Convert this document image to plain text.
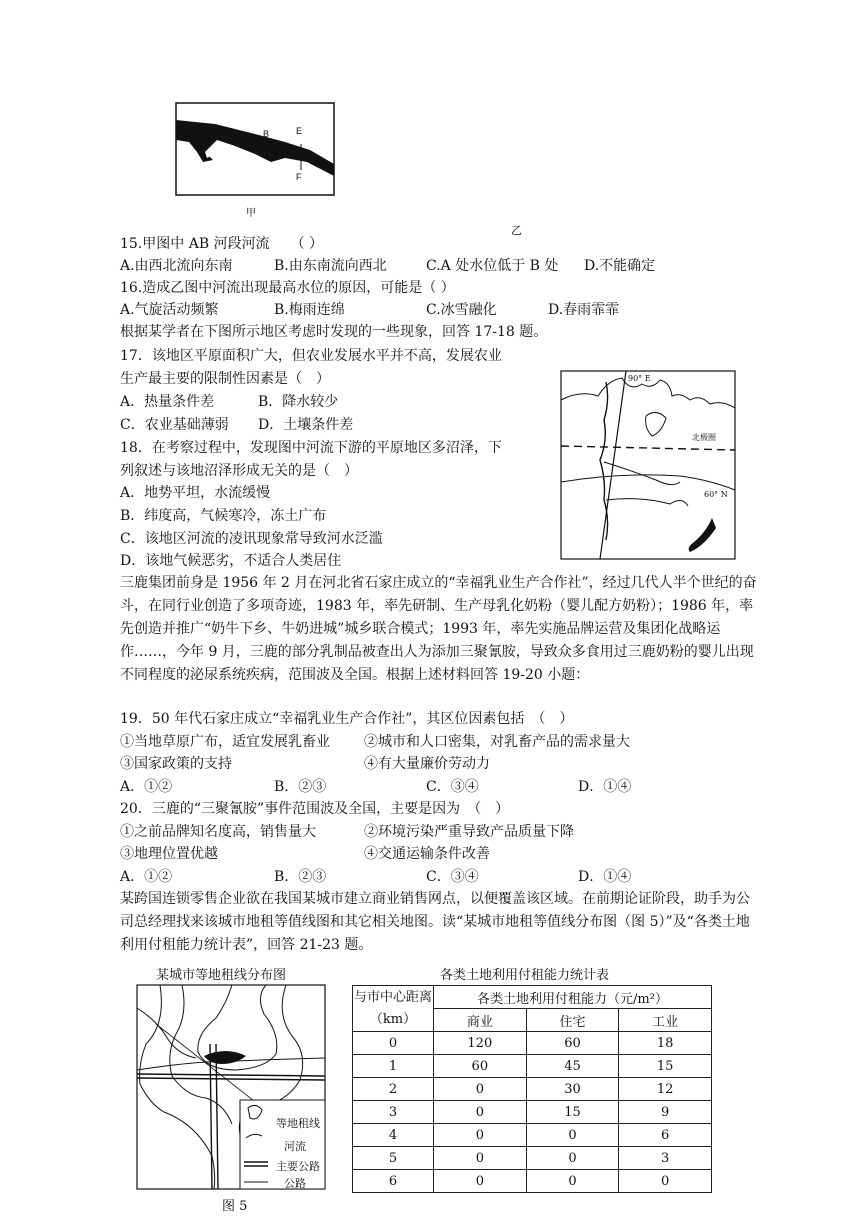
A
B	E
F
甲
乙
15.甲图中 AB 河段河流　　（ ）
A.由西北流向东南	B.由东南流向西北	C.A 处水位低于 B 处 D.不能确定
16.造成乙图中河流出现最高水位的原因，可能是（ ）
A.气旋活动频繁	B.梅雨连绵	C.冰雪融化	D.春雨霏霏
根据某学者在下图所示地区考虑时发现的一些现象，回答 17-18 题。
17．该地区平原面积广大，但农业发展水平并不高，发展农业
生产最主要的限制性因素是（　）
A．热量条件差	B．降水较少
C．农业基础薄弱 D．土壤条件差
18．在考察过程中，发现图中河流下游的平原地区多沼泽，下
列叙述与该地沼泽形成无关的是（　）
A．地势平坦，水流缓慢
B．纬度高，气候寒冷，冻土广布
C．该地区河流的凌讯现象常导致河水泛滥
D．该地气候恶劣，不适合人类居住
90° E
北极圈
60° N
三鹿集团前身是 1956 年 2 月在河北省石家庄成立的“幸福乳业生产合作社”，经过几代人半个世纪的奋斗，在同行业创造了多项奇迹，1983 年，率先研制、生产母乳化奶粉（婴儿配方奶粉）；1986 年，率先创造并推广“奶牛下乡、牛奶进城”城乡联合模式；1993 年，率先实施品牌运营及集团化战略运作……，今年 9 月，三鹿的部分乳制品被查出人为添加三聚氰胺，导致众多食用过三鹿奶粉的婴儿出现不同程度的泌尿系统疾病，范围波及全国。根据上述材料回答 19-20 小题：
19．50 年代石家庄成立“幸福乳业生产合作社”，其区位因素包括　（　）
①当地草原广布，适宜发展乳畜业 ②城市和人口密集，对乳畜产品的需求量大
③国家政策的支持	④有大量廉价劳动力
A．①②	B．②③	C．③④	D．①④
20．三鹿的“三聚氰胺”事件范围波及全国，主要是因为　（　）
①之前品牌知名度高，销售量大	②环境污染严重导致产品质量下降
③地理位置优越	④交通运输条件改善
A．①②	B．②③	C．③④	D．①④
某跨国连锁零售企业欲在我国某城市建立商业销售网点，以便覆盖该区域。在前期论证阶段，助手为公司总经理找来该城市地租等值线图和其它相关地图。读“某城市地租等值线分布图（图 5）”及“各类土地利用付租能力统计表”，回答 21-23 题。
某城市等地租线分布图
等地租线
河流
主要公路
公路
图 5
各类土地利用付租能力统计表
与市中心距离（km）	各类土地利用付租能力（元/m²）		
	商业	住宅	工业
0	120	60	18
1	60	45	15
2	0	30	12
3	0	15	9
4	0	0	6
5	0	0	3
6	0	0	0
